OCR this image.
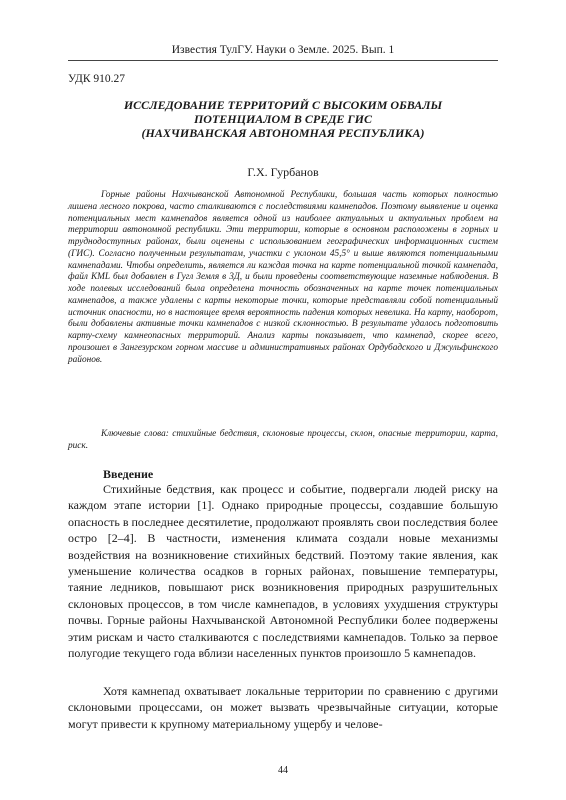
Известия ТулГУ. Науки о Земле. 2025. Вып. 1
УДК 910.27
ИССЛЕДОВАНИЕ ТЕРРИТОРИЙ С ВЫСОКИМ ОБВАЛЫ
ПОТЕНЦИАЛОМ В СРЕДЕ ГИС
(НАХЧИВАНСКАЯ АВТОНОМНАЯ РЕСПУБЛИКА)
Г.Х. Гурбанов

Горные районы Нахчыванской Автономной Республики, большая часть которых полностью лишена лесного покрова, часто сталкиваются с последствиями камнепадов. Поэтому выявление и оценка потенциальных мест камнепадов является одной из наиболее актуальных и актуальных проблем на территории автономной республики. Эти территории, которые в основном расположены в горных и труднодоступных районах, были оценены с использованием географических информационных систем (ГИС). Согласно полученным результатам, участки с уклоном 45,5° и выше являются потенциальными камнепадами. Чтобы определить, является ли каждая точка на карте потенциальной точкой камнепада, файл KML был добавлен в Гугл Земля в 3Д, и были проведены соответствующие наземные наблюдения. В ходе полевых исследований была определена точность обозначенных на карте точек потенциальных камнепадов, а также удалены с карты некоторые точки, которые представляли собой потенциальный источник опасности, но в настоящее время вероятность падения которых невелика. На карту, наоборот, были добавлены активные точки камнепадов с низкой склонностью. В результате удалось подготовить карту-схему камнеопасных территорий. Анализ карты показывает, что камнепад, скорее всего, произошел в Зангезурском горном массиве и административных районах Ордубадского и Джульфинского районов.

Ключевые слова: стихийные бедствия, склоновые процессы, склон, опасные территории, карта, риск.

Введение

Стихийные бедствия, как процесс и событие, подвергали людей риску на каждом этапе истории [1]. Однако природные процессы, создавшие большую опасность в последнее десятилетие, продолжают проявлять свои последствия более остро [2–4]. В частности, изменения климата создали новые механизмы воздействия на возникновение стихийных бедствий. Поэтому такие явления, как уменьшение количества осадков в горных районах, повышение температуры, таяние ледников, повышают риск возникновения природных разрушительных склоновых процессов, в том числе камнепадов, в условиях ухудшения структуры почвы. Горные районы Нахчыванской Автономной Республики более подвержены этим рискам и часто сталкиваются с последствиями камнепадов. Только за первое полугодие текущего года вблизи населенных пунктов произошло 5 камнепадов.

Хотя камнепад охватывает локальные территории по сравнению с другими склоновыми процессами, он может вызвать чрезвычайные ситуации, которые могут привести к крупному материальному ущербу и челове-

44
